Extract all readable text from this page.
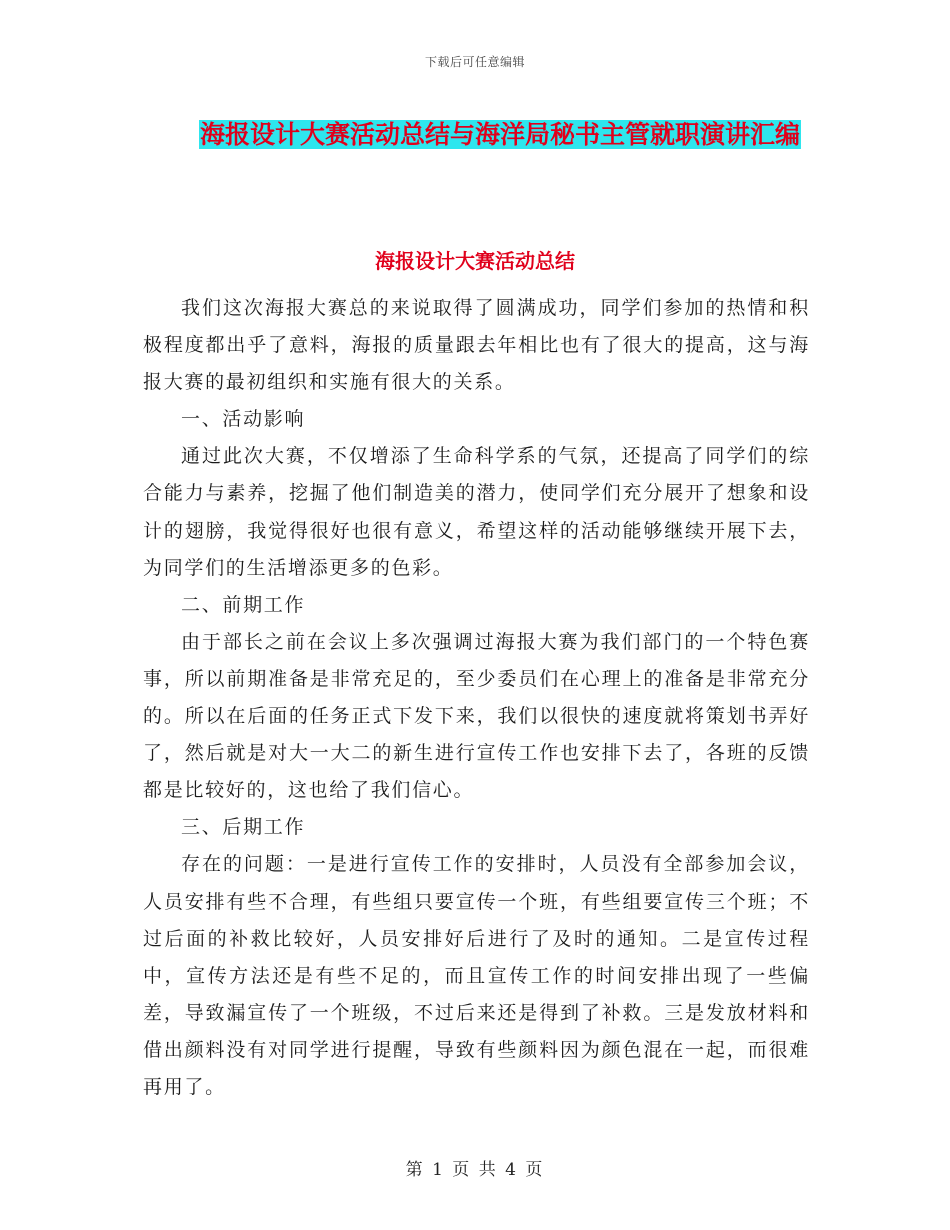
下载后可任意编辑
海报设计大赛活动总结与海洋局秘书主管就职演讲汇编
海报设计大赛活动总结

我们这次海报大赛总的来说取得了圆满成功，同学们参加的热情和积极程度都出乎了意料，海报的质量跟去年相比也有了很大的提高，这与海报大赛的最初组织和实施有很大的关系。

一、活动影响

通过此次大赛，不仅增添了生命科学系的气氛，还提高了同学们的综合能力与素养，挖掘了他们制造美的潜力，使同学们充分展开了想象和设计的翅膀，我觉得很好也很有意义，希望这样的活动能够继续开展下去，为同学们的生活增添更多的色彩。

二、前期工作

由于部长之前在会议上多次强调过海报大赛为我们部门的一个特色赛事，所以前期准备是非常充足的，至少委员们在心理上的准备是非常充分的。所以在后面的任务正式下发下来，我们以很快的速度就将策划书弄好了，然后就是对大一大二的新生进行宣传工作也安排下去了，各班的反馈都是比较好的，这也给了我们信心。

三、后期工作

存在的问题：一是进行宣传工作的安排时，人员没有全部参加会议，人员安排有些不合理，有些组只要宣传一个班，有些组要宣传三个班；不过后面的补救比较好，人员安排好后进行了及时的通知。二是宣传过程中，宣传方法还是有些不足的，而且宣传工作的时间安排出现了一些偏差，导致漏宣传了一个班级，不过后来还是得到了补救。三是发放材料和借出颜料没有对同学进行提醒，导致有些颜料因为颜色混在一起，而很难再用了。

第 1 页 共 4 页
